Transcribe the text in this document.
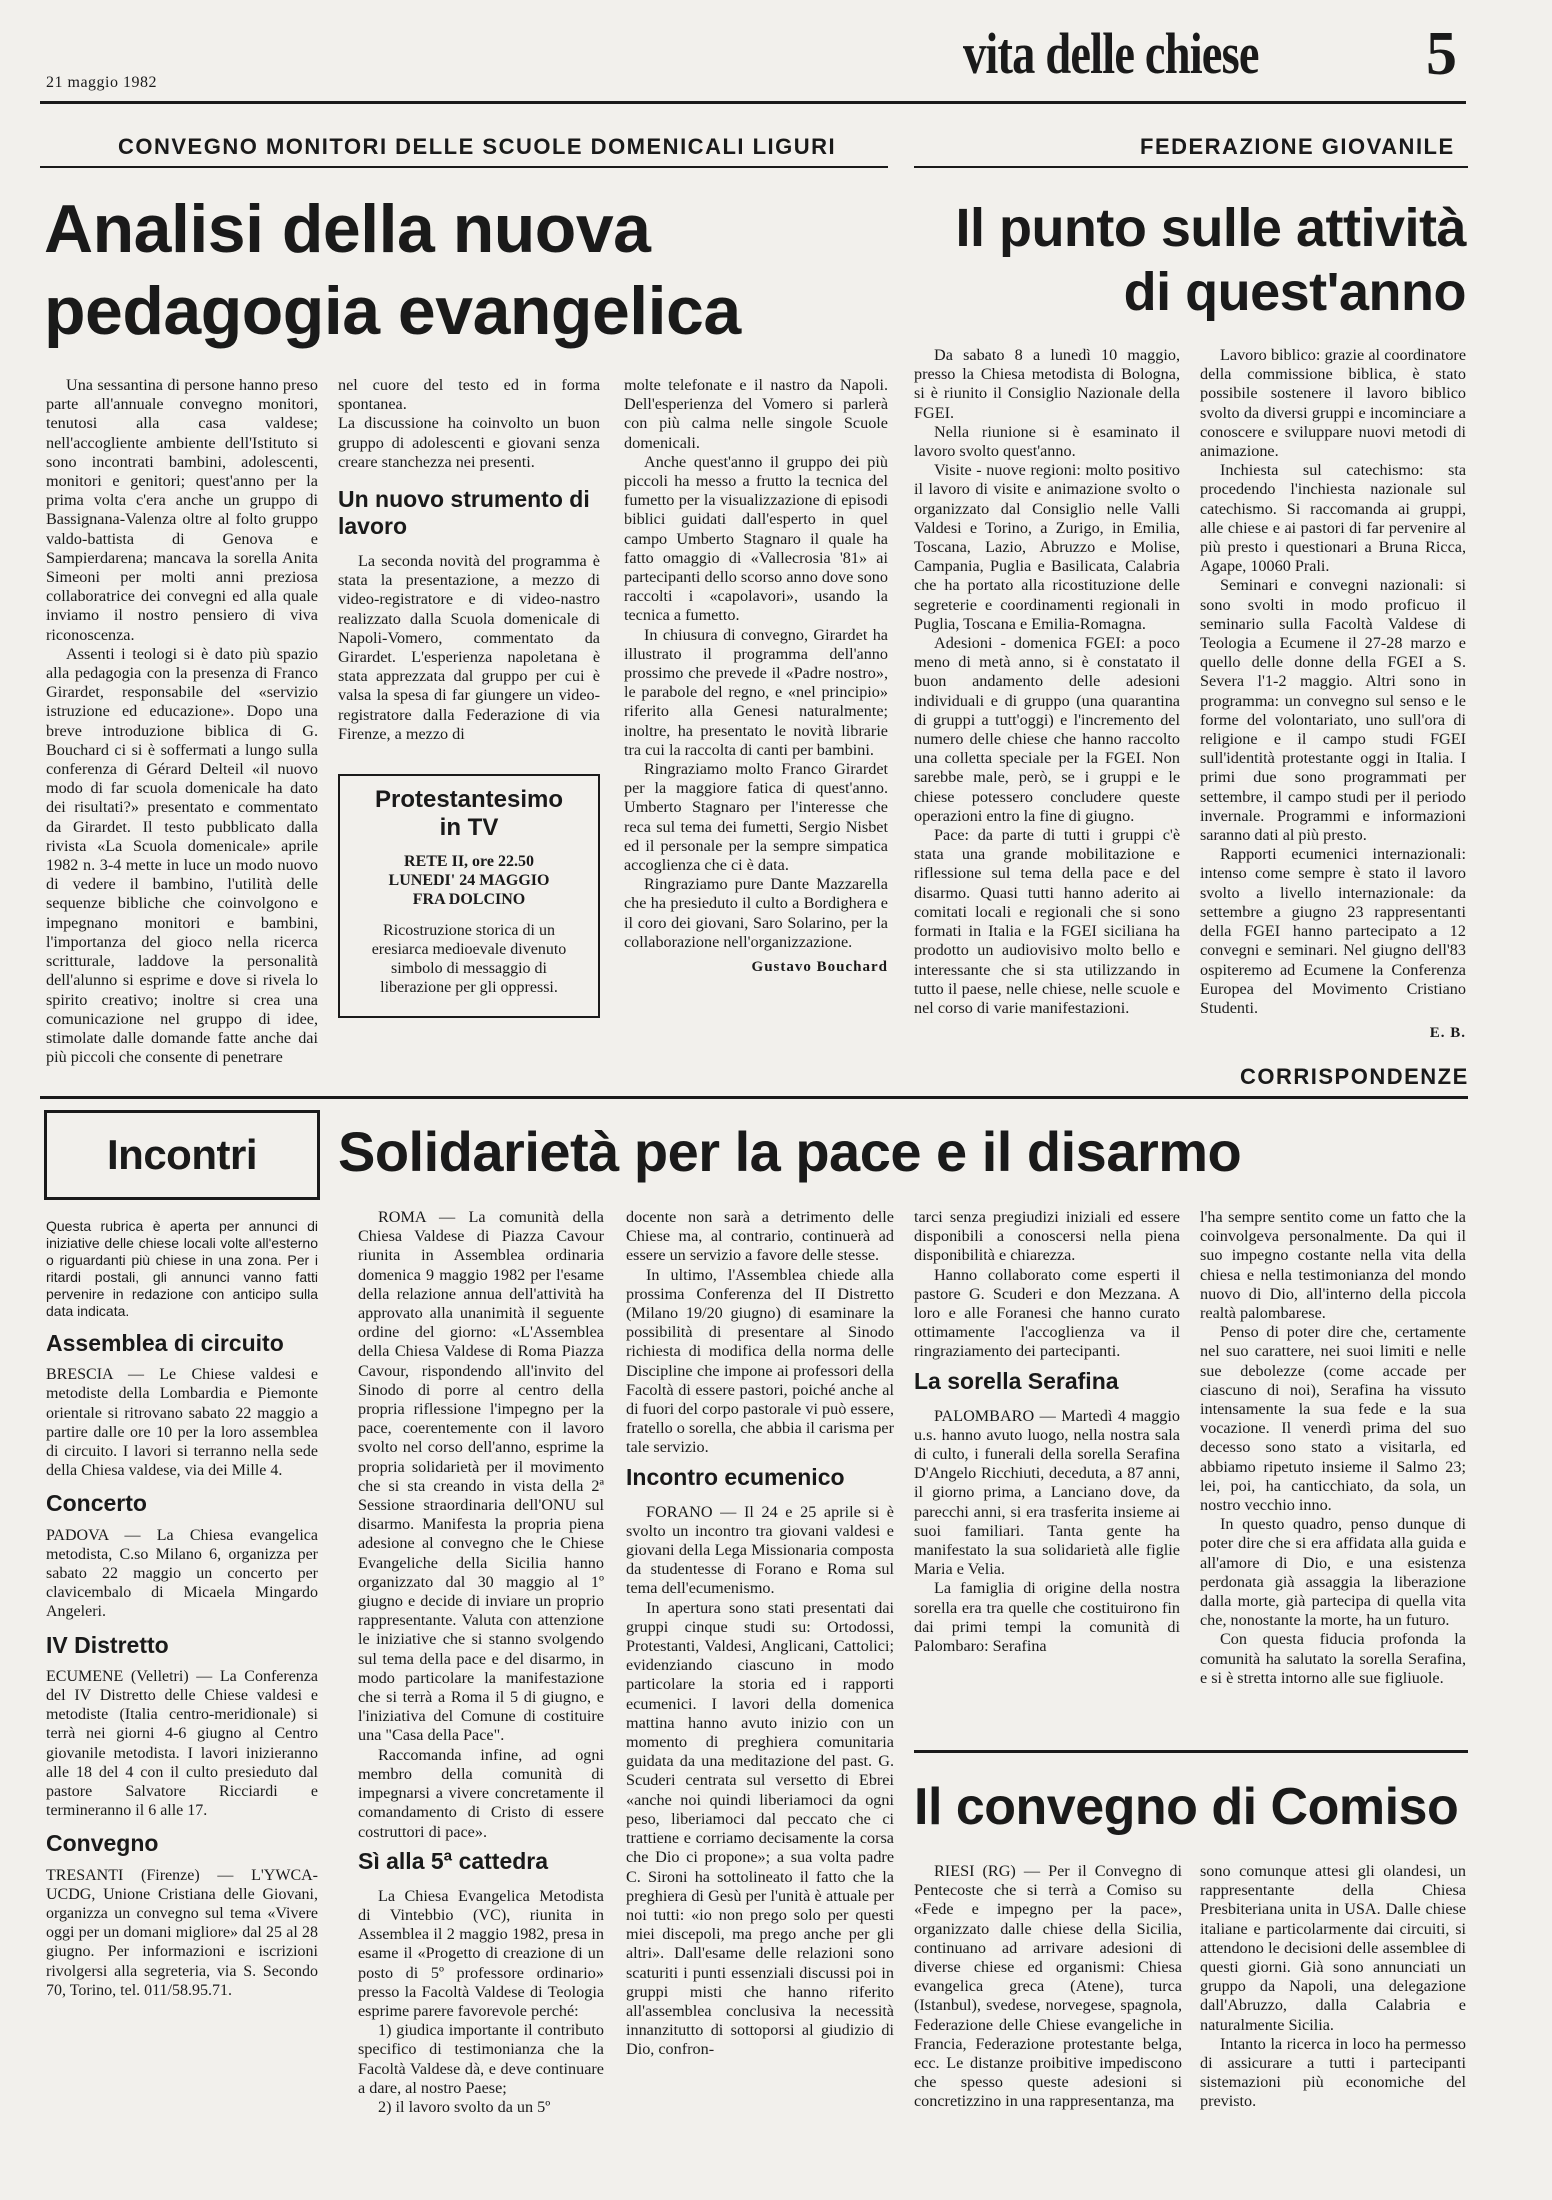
21 maggio 1982	vita delle chiese	5
CONVEGNO MONITORI DELLE SCUOLE DOMENICALI LIGURI
Analisi della nuova
pedagogia evangelica

Una sessantina di persone hanno preso parte all'annuale convegno monitori, tenutosi alla casa valdese; nell'accogliente ambiente dell'Istituto si sono incontrati bambini, adolescenti, monitori e genitori; quest'anno per la prima volta c'era anche un gruppo di Bassignana-Valenza oltre al folto gruppo valdo-battista di Genova e Sampierdarena; mancava la sorella Anita Simeoni per molti anni preziosa collaboratrice dei convegni ed alla quale inviamo il nostro pensiero di viva riconoscenza.

Assenti i teologi si è dato più spazio alla pedagogia con la presenza di Franco Girardet, responsabile del «servizio istruzione ed educazione». Dopo una breve introduzione biblica di G. Bouchard ci si è soffermati a lungo sulla conferenza di Gérard Delteil «il nuovo modo di far scuola domenicale ha dato dei risultati?» presentato e commentato da Girardet. Il testo pubblicato dalla rivista «La Scuola domenicale» aprile 1982 n. 3-4 mette in luce un modo nuovo di vedere il bambino, l'utilità delle sequenze bibliche che coinvolgono e impegnano monitori e bambini, l'importanza del gioco nella ricerca scritturale, laddove la personalità dell'alunno si esprime e dove si rivela lo spirito creativo; inoltre si crea una comunicazione nel gruppo di idee, stimolate dalle domande fatte anche dai più piccoli che consente di penetrare

nel cuore del testo ed in forma spontanea.

La discussione ha coinvolto un buon gruppo di adolescenti e giovani senza creare stanchezza nei presenti.

Un nuovo strumento di lavoro

La seconda novità del programma è stata la presentazione, a mezzo di video-registratore e di video-nastro realizzato dalla Scuola domenicale di Napoli-Vomero, commentato da Girardet. L'esperienza napoletana è stata apprezzata dal gruppo per cui è valsa la spesa di far giungere un video-registratore dalla Federazione di via Firenze, a mezzo di

Protestantesimo
in TV
RETE II, ore 22.50
LUNEDI' 24 MAGGIO
FRA DOLCINO
Ricostruzione storica di un eresiarca medioevale divenuto simbolo di messaggio di liberazione per gli oppressi.

molte telefonate e il nastro da Napoli. Dell'esperienza del Vomero si parlerà con più calma nelle singole Scuole domenicali.

Anche quest'anno il gruppo dei più piccoli ha messo a frutto la tecnica del fumetto per la visualizzazione di episodi biblici guidati dall'esperto in quel campo Umberto Stagnaro il quale ha fatto omaggio di «Vallecrosia '81» ai partecipanti dello scorso anno dove sono raccolti i «capolavori», usando la tecnica a fumetto.

In chiusura di convegno, Girardet ha illustrato il programma dell'anno prossimo che prevede il «Padre nostro», le parabole del regno, e «nel principio» riferito alla Genesi naturalmente; inoltre, ha presentato le novità librarie tra cui la raccolta di canti per bambini.

Ringraziamo molto Franco Girardet per la maggiore fatica di quest'anno. Umberto Stagnaro per l'interesse che reca sul tema dei fumetti, Sergio Nisbet ed il personale per la sempre simpatica accoglienza che ci è data.

Ringraziamo pure Dante Mazzarella che ha presieduto il culto a Bordighera e il coro dei giovani, Saro Solarino, per la collaborazione nell'organizzazione.

Gustavo Bouchard
FEDERAZIONE GIOVANILE
Il punto sulle attività
di quest'anno

Da sabato 8 a lunedì 10 maggio, presso la Chiesa metodista di Bologna, si è riunito il Consiglio Nazionale della FGEI.

Nella riunione si è esaminato il lavoro svolto quest'anno.

Visite - nuove regioni: molto positivo il lavoro di visite e animazione svolto o organizzato dal Consiglio nelle Valli Valdesi e Torino, a Zurigo, in Emilia, Toscana, Lazio, Abruzzo e Molise, Campania, Puglia e Basilicata, Calabria che ha portato alla ricostituzione delle segreterie e coordinamenti regionali in Puglia, Toscana e Emilia-Romagna.

Adesioni - domenica FGEI: a poco meno di metà anno, si è constatato il buon andamento delle adesioni individuali e di gruppo (una quarantina di gruppi a tutt'oggi) e l'incremento del numero delle chiese che hanno raccolto una colletta speciale per la FGEI. Non sarebbe male, però, se i gruppi e le chiese potessero concludere queste operazioni entro la fine di giugno.

Pace: da parte di tutti i gruppi c'è stata una grande mobilitazione e riflessione sul tema della pace e del disarmo. Quasi tutti hanno aderito ai comitati locali e regionali che si sono formati in Italia e la FGEI siciliana ha prodotto un audiovisivo molto bello e interessante che si sta utilizzando in tutto il paese, nelle chiese, nelle scuole e nel corso di varie manifestazioni.

Lavoro biblico: grazie al coordinatore della commissione biblica, è stato possibile sostenere il lavoro biblico svolto da diversi gruppi e incominciare a conoscere e sviluppare nuovi metodi di animazione.

Inchiesta sul catechismo: sta procedendo l'inchiesta nazionale sul catechismo. Si raccomanda ai gruppi, alle chiese e ai pastori di far pervenire al più presto i questionari a Bruna Ricca, Agape, 10060 Prali.

Seminari e convegni nazionali: si sono svolti in modo proficuo il seminario sulla Facoltà Valdese di Teologia a Ecumene il 27-28 marzo e quello delle donne della FGEI a S. Severa l'1-2 maggio. Altri sono in programma: un convegno sul senso e le forme del volontariato, uno sull'ora di religione e il campo studi FGEI sull'identità protestante oggi in Italia. I primi due sono programmati per settembre, il campo studi per il periodo invernale. Programmi e informazioni saranno dati al più presto.

Rapporti ecumenici internazionali: intenso come sempre è stato il lavoro svolto a livello internazionale: da settembre a giugno 23 rappresentanti della FGEI hanno partecipato a 12 convegni e seminari. Nel giugno dell'83 ospiteremo ad Ecumene la Conferenza Europea del Movimento Cristiano Studenti.

E. B.
CORRISPONDENZE
Incontri
Questa rubrica è aperta per annunci di iniziative delle chiese locali volte all'esterno o riguardanti più chiese in una zona. Per i ritardi postali, gli annunci vanno fatti pervenire in redazione con anticipo sulla data indicata.
Assemblea di circuito
BRESCIA — Le Chiese valdesi e metodiste della Lombardia e Piemonte orientale si ritrovano sabato 22 maggio a partire dalle ore 10 per la loro assemblea di circuito. I lavori si terranno nella sede della Chiesa valdese, via dei Mille 4.
Concerto
PADOVA — La Chiesa evangelica metodista, C.so Milano 6, organizza per sabato 22 maggio un concerto per clavicembalo di Micaela Mingardo Angeleri.
IV Distretto
ECUMENE (Velletri) — La Conferenza del IV Distretto delle Chiese valdesi e metodiste (Italia centro-meridionale) si terrà nei giorni 4-6 giugno al Centro giovanile metodista. I lavori inizieranno alle 18 del 4 con il culto presieduto dal pastore Salvatore Ricciardi e termineranno il 6 alle 17.
Convegno
TRESANTI (Firenze) — L'YWCA-UCDG, Unione Cristiana delle Giovani, organizza un convegno sul tema «Vivere oggi per un domani migliore» dal 25 al 28 giugno. Per informazioni e iscrizioni rivolgersi alla segreteria, via S. Secondo 70, Torino, tel. 011/58.95.71.
Solidarietà per la pace e il disarmo

ROMA — La comunità della Chiesa Valdese di Piazza Cavour riunita in Assemblea ordinaria domenica 9 maggio 1982 per l'esame della relazione annua dell'attività ha approvato alla unanimità il seguente ordine del giorno: «L'Assemblea della Chiesa Valdese di Roma Piazza Cavour, rispondendo all'invito del Sinodo di porre al centro della propria riflessione l'impegno per la pace, coerentemente con il lavoro svolto nel corso dell'anno, esprime la propria solidarietà per il movimento che si sta creando in vista della 2ª Sessione straordinaria dell'ONU sul disarmo. Manifesta la propria piena adesione al convegno che le Chiese Evangeliche della Sicilia hanno organizzato dal 30 maggio al 1º giugno e decide di inviare un proprio rappresentante. Valuta con attenzione le iniziative che si stanno svolgendo sul tema della pace e del disarmo, in modo particolare la manifestazione che si terrà a Roma il 5 di giugno, e l'iniziativa del Comune di costituire una "Casa della Pace".

Raccomanda infine, ad ogni membro della comunità di impegnarsi a vivere concretamente il comandamento di Cristo di essere costruttori di pace».

Sì alla 5ª cattedra

La Chiesa Evangelica Metodista di Vintebbio (VC), riunita in Assemblea il 2 maggio 1982, presa in esame il «Progetto di creazione di un posto di 5º professore ordinario» presso la Facoltà Valdese di Teologia esprime parere favorevole perché:

1) giudica importante il contributo specifico di testimonianza che la Facoltà Valdese dà, e deve continuare a dare, al nostro Paese;

2) il lavoro svolto da un 5º

docente non sarà a detrimento delle Chiese ma, al contrario, continuerà ad essere un servizio a favore delle stesse.

In ultimo, l'Assemblea chiede alla prossima Conferenza del II Distretto (Milano 19/20 giugno) di esaminare la possibilità di presentare al Sinodo richiesta di modifica della norma delle Discipline che impone ai professori della Facoltà di essere pastori, poiché anche al di fuori del corpo pastorale vi può essere, fratello o sorella, che abbia il carisma per tale servizio.

Incontro ecumenico

FORANO — Il 24 e 25 aprile si è svolto un incontro tra giovani valdesi e giovani della Lega Missionaria composta da studentesse di Forano e Roma sul tema dell'ecumenismo.

In apertura sono stati presentati dai gruppi cinque studi su: Ortodossi, Protestanti, Valdesi, Anglicani, Cattolici; evidenziando ciascuno in modo particolare la storia ed i rapporti ecumenici. I lavori della domenica mattina hanno avuto inizio con un momento di preghiera comunitaria guidata da una meditazione del past. G. Scuderi centrata sul versetto di Ebrei «anche noi quindi liberiamoci da ogni peso, liberiamoci dal peccato che ci trattiene e corriamo decisamente la corsa che Dio ci propone»; a sua volta padre C. Sironi ha sottolineato il fatto che la preghiera di Gesù per l'unità è attuale per noi tutti: «io non prego solo per questi miei discepoli, ma prego anche per gli altri». Dall'esame delle relazioni sono scaturiti i punti essenziali discussi poi in gruppi misti che hanno riferito all'assemblea conclusiva la necessità innanzitutto di sottoporsi al giudizio di Dio, confron-

tarci senza pregiudizi iniziali ed essere disponibili a conoscersi nella piena disponibilità e chiarezza.

Hanno collaborato come esperti il pastore G. Scuderi e don Mezzana. A loro e alle Foranesi che hanno curato ottimamente l'accoglienza va il ringraziamento dei partecipanti.

La sorella Serafina

PALOMBARO — Martedì 4 maggio u.s. hanno avuto luogo, nella nostra sala di culto, i funerali della sorella Serafina D'Angelo Ricchiuti, deceduta, a 87 anni, il giorno prima, a Lanciano dove, da parecchi anni, si era trasferita insieme ai suoi familiari. Tanta gente ha manifestato la sua solidarietà alle figlie Maria e Velia.

La famiglia di origine della nostra sorella era tra quelle che costituirono fin dai primi tempi la comunità di Palombaro: Serafina

l'ha sempre sentito come un fatto che la coinvolgeva personalmente. Da qui il suo impegno costante nella vita della chiesa e nella testimonianza del mondo nuovo di Dio, all'interno della piccola realtà palombarese.

Penso di poter dire che, certamente nel suo carattere, nei suoi limiti e nelle sue debolezze (come accade per ciascuno di noi), Serafina ha vissuto intensamente la sua fede e la sua vocazione. Il venerdì prima del suo decesso sono stato a visitarla, ed abbiamo ripetuto insieme il Salmo 23; lei, poi, ha canticchiato, da sola, un nostro vecchio inno.

In questo quadro, penso dunque di poter dire che si era affidata alla guida e all'amore di Dio, e una esistenza perdonata già assaggia la liberazione dalla morte, già partecipa di quella vita che, nonostante la morte, ha un futuro.

Con questa fiducia profonda la comunità ha salutato la sorella Serafina, e si è stretta intorno alle sue figliuole.

Il convegno di Comiso

RIESI (RG) — Per il Convegno di Pentecoste che si terrà a Comiso su «Fede e impegno per la pace», organizzato dalle chiese della Sicilia, continuano ad arrivare adesioni di diverse chiese ed organismi: Chiesa evangelica greca (Atene), turca (Istanbul), svedese, norvegese, spagnola, Federazione delle Chiese evangeliche in Francia, Federazione protestante belga, ecc. Le distanze proibitive impediscono che spesso queste adesioni si concretizzino in una rappresentanza, ma

sono comunque attesi gli olandesi, un rappresentante della Chiesa Presbiteriana unita in USA. Dalle chiese italiane e particolarmente dai circuiti, si attendono le decisioni delle assemblee di questi giorni. Già sono annunciati un gruppo da Napoli, una delegazione dall'Abruzzo, dalla Calabria e naturalmente Sicilia.

Intanto la ricerca in loco ha permesso di assicurare a tutti i partecipanti sistemazioni più economiche del previsto.
